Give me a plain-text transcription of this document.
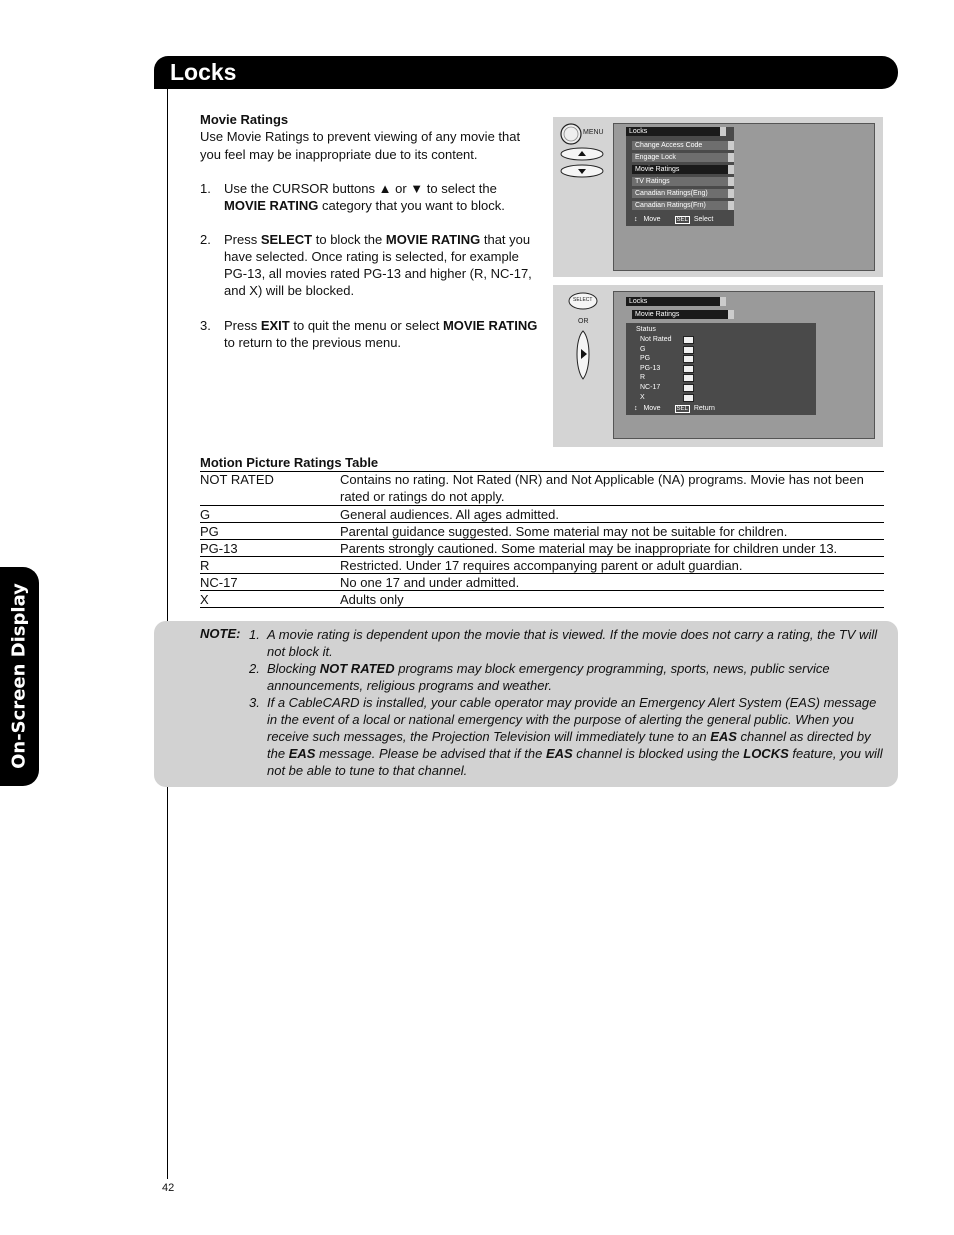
Locks
On-Screen Display
Movie Ratings
Use Movie Ratings to prevent viewing of any movie that you feel may be inappropriate due to its content.
1. Use the CURSOR buttons ▲ or ▼ to select the MOVIE RATING category that you want to block.
2. Press SELECT to block the MOVIE RATING that you have selected. Once rating is selected, for example PG-13, all movies rated PG-13 and higher (R, NC-17, and X) will be blocked.
3. Press EXIT to quit the menu or select MOVIE RATING to return to the previous menu.
MENU	Locks
Change Access Code
Engage Lock
Movie Ratings
TV Ratings
Canadian Ratings(Eng)
Canadian Ratings(Frn)
↕ Move	SEL Select
SELECT
OR
Locks
Movie Ratings
Status
Not Rated
G
PG
PG-13
R
NC-17
X
↕ Move	SEL Return
Motion Picture Ratings Table
NOT RATED	Contains no rating. Not Rated (NR) and Not Applicable (NA) programs. Movie has not been rated or ratings do not apply.
G	General audiences. All ages admitted.
PG	Parental guidance suggested. Some material may not be suitable for children.
PG-13	Parents strongly cautioned. Some material may be inappropriate for children under 13.
R	Restricted. Under 17 requires accompanying parent or adult guardian.
NC-17	No one 17 and under admitted.
X	Adults only
NOTE: 1. A movie rating is dependent upon the movie that is viewed. If the movie does not carry a rating, the TV will not block it.
2. Blocking NOT RATED programs may block emergency programming, sports, news, public service announcements, religious programs and weather.
3. If a CableCARD is installed, your cable operator may provide an Emergency Alert System (EAS) message in the event of a local or national emergency with the purpose of alerting the general public. When you receive such messages, the Projection Television will immediately tune to an EAS channel as directed by the EAS message. Please be advised that if the EAS channel is blocked using the LOCKS feature, you will not be able to tune to that channel.
42
